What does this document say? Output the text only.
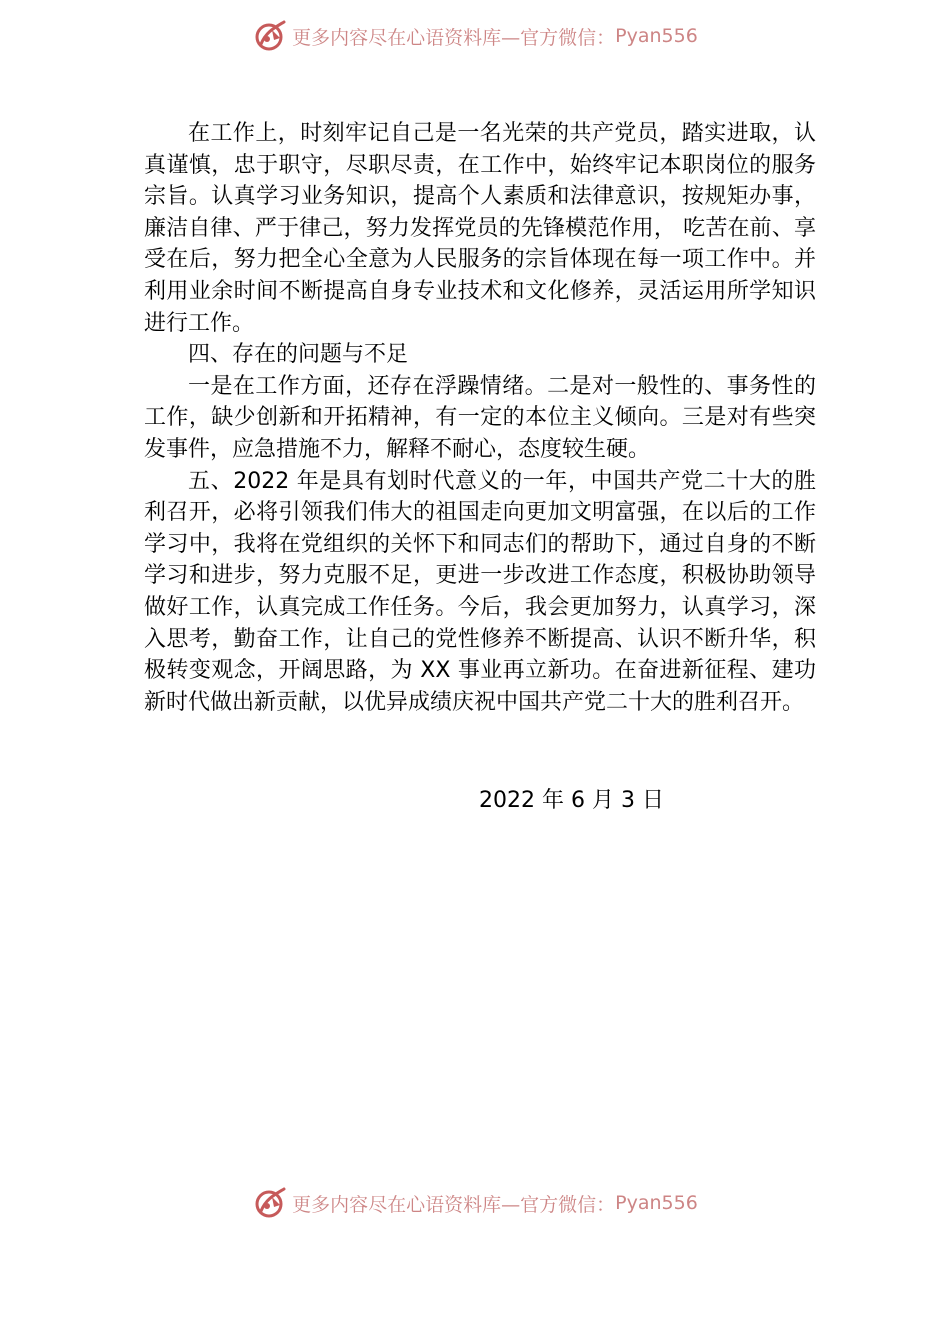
更多内容尽在心语资料库—官方微信： Pyan556

在工作上，时刻牢记自己是一名光荣的共产党员，踏实进取，认真谨慎，忠于职守，尽职尽责，在工作中，始终牢记本职岗位的服务宗旨。认真学习业务知识，提高个人素质和法律意识，按规矩办事，廉洁自律、严于律己，努力发挥党员的先锋模范作用， 吃苦在前、享受在后，努力把全心全意为人民服务的宗旨体现在每一项工作中。并利用业余时间不断提高自身专业技术和文化修养，灵活运用所学知识进行工作。

四、存在的问题与不足

一是在工作方面，还存在浮躁情绪。二是对一般性的、事务性的工作，缺少创新和开拓精神，有一定的本位主义倾向。三是对有些突发事件，应急措施不力，解释不耐心，态度较生硬。

五、2022 年是具有划时代意义的一年，中国共产党二十大的胜利召开，必将引领我们伟大的祖国走向更加文明富强，在以后的工作学习中，我将在党组织的关怀下和同志们的帮助下，通过自身的不断学习和进步，努力克服不足，更进一步改进工作态度，积极协助领导做好工作，认真完成工作任务。今后，我会更加努力，认真学习，深入思考，勤奋工作，让自己的党性修养不断提高、认识不断升华，积极转变观念，开阔思路，为 XX 事业再立新功。在奋进新征程、建功新时代做出新贡献，以优异成绩庆祝中国共产党二十大的胜利召开。

2022 年 6 月 3 日
更多内容尽在心语资料库—官方微信： Pyan556
